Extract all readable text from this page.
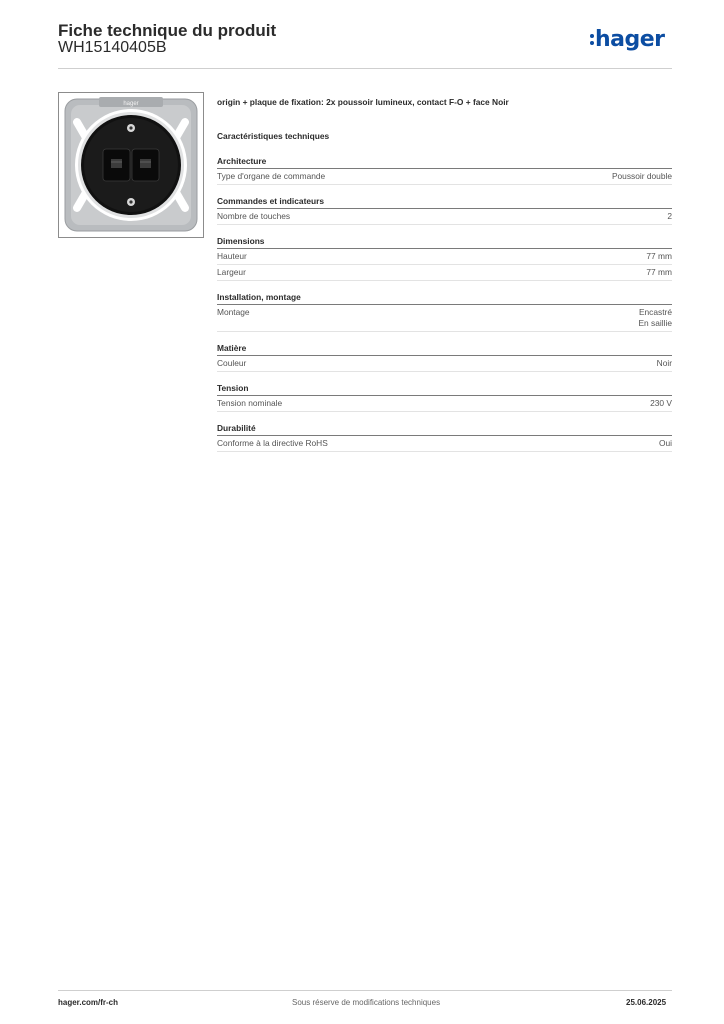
Fiche technique du produit
WH15140405B	hager
hager	origin + plaque de fixation: 2x poussoir lumineux, contact F-O + face Noir
Caractéristiques techniques
Architecture
Type d'organe de commande	Poussoir double
Commandes et indicateurs
Nombre de touches	2
Dimensions
Hauteur	77 mm
Largeur	77 mm
Installation, montage
Montage	Encastré
En saillie
Matière
Couleur	Noir
Tension
Tension nominale	230 V
Durabilité
Conforme à la directive RoHS	Oui
hager.com/fr-ch	Sous réserve de modifications techniques	25.06.2025
